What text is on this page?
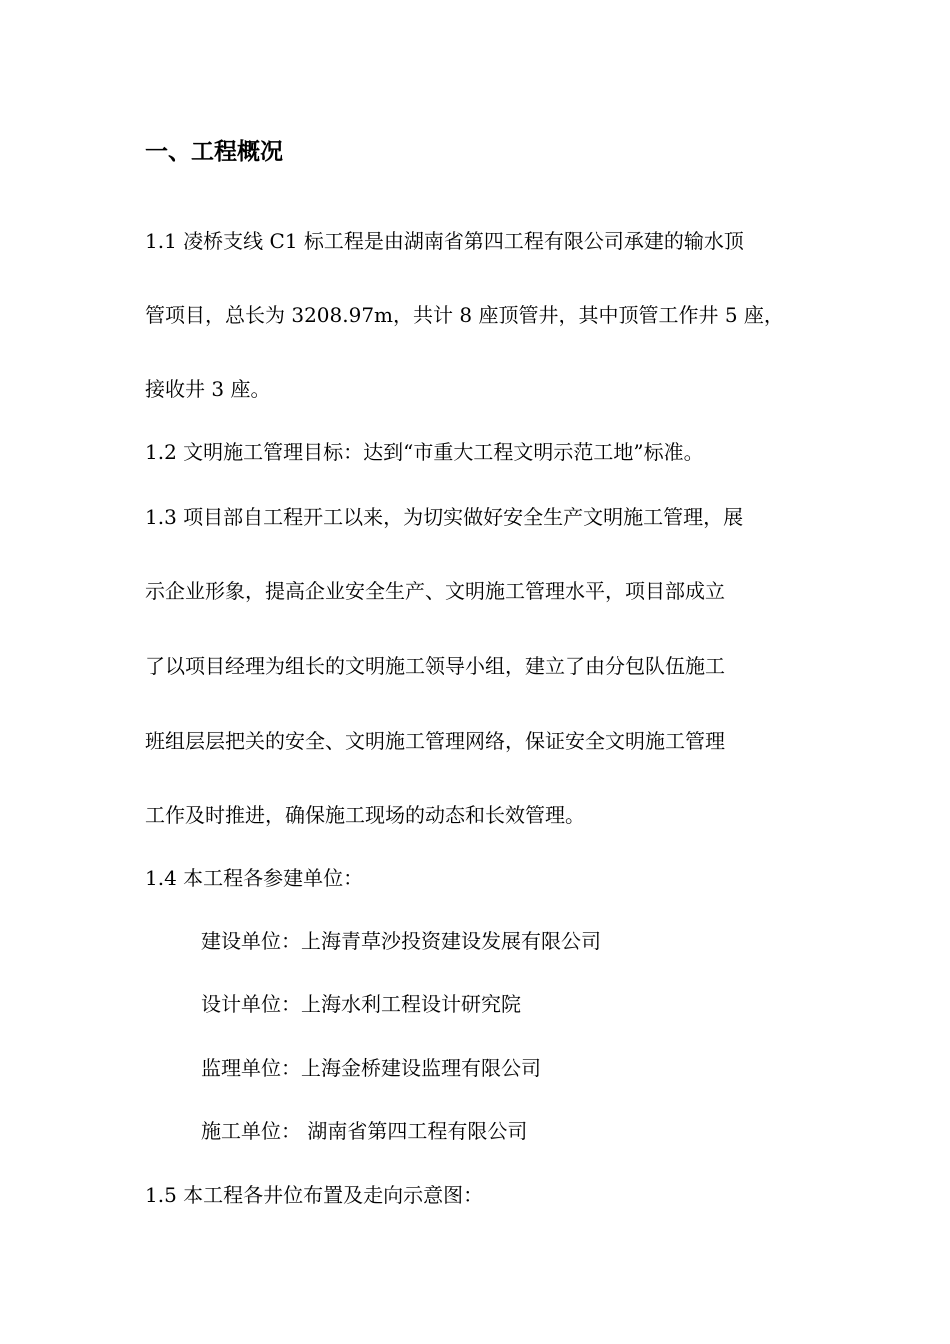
一、工程概况
1.1 凌桥支线 C1 标工程是由湖南省第四工程有限公司承建的输水顶
管项目，总长为 3208.97m，共计 8 座顶管井，其中顶管工作井 5 座，
接收井 3 座。
1.2 文明施工管理目标：达到“市重大工程文明示范工地”标准。
1.3 项目部自工程开工以来，为切实做好安全生产文明施工管理，展
示企业形象，提高企业安全生产、文明施工管理水平，项目部成立
了以项目经理为组长的文明施工领导小组，建立了由分包队伍施工
班组层层把关的安全、文明施工管理网络，保证安全文明施工管理
工作及时推进，确保施工现场的动态和长效管理。
1.4 本工程各参建单位：
建设单位：上海青草沙投资建设发展有限公司
设计单位：上海水利工程设计研究院
监理单位：上海金桥建设监理有限公司
施工单位： 湖南省第四工程有限公司
1.5 本工程各井位布置及走向示意图：
